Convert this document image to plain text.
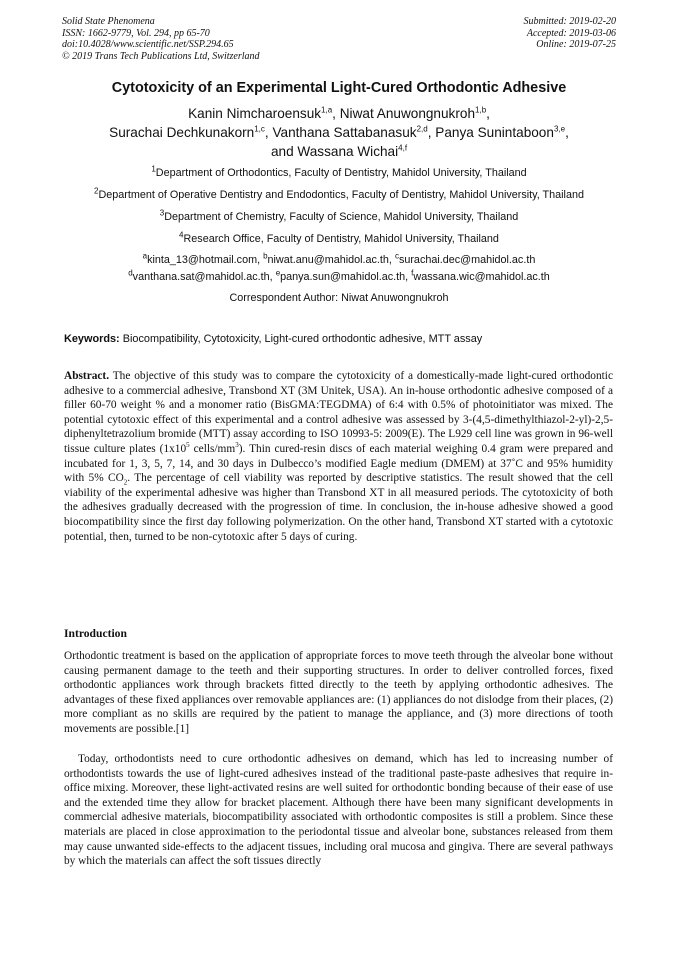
Solid State Phenomena
ISSN: 1662-9779, Vol. 294, pp 65-70
doi:10.4028/www.scientific.net/SSP.294.65
© 2019 Trans Tech Publications Ltd, Switzerland
Submitted: 2019-02-20
Accepted: 2019-03-06
Online: 2019-07-25
Cytotoxicity of an Experimental Light-Cured Orthodontic Adhesive
Kanin Nimcharoensuk$^{1,a}$, Niwat Anuwongnukroh$^{1,b}$,
Surachai Dechkunakorn$^{1,c}$, Vanthana Sattabanasuk$^{2,d}$, Panya Sunintaboon$^{3,e}$,
and Wassana Wichai$^{4,f}$
$^1$Department of Orthodontics, Faculty of Dentistry, Mahidol University, Thailand
$^2$Department of Operative Dentistry and Endodontics, Faculty of Dentistry, Mahidol University, Thailand
$^3$Department of Chemistry, Faculty of Science, Mahidol University, Thailand
$^4$Research Office, Faculty of Dentistry, Mahidol University, Thailand
$^a$kinta_13@hotmail.com, $^b$niwat.anu@mahidol.ac.th, $^c$surachai.dec@mahidol.ac.th
$^d$vanthana.sat@mahidol.ac.th, $^e$panya.sun@mahidol.ac.th, $^f$wassana.wic@mahidol.ac.th
Correspondent Author: Niwat Anuwongnukroh
Keywords: Biocompatibility, Cytotoxicity, Light-cured orthodontic adhesive, MTT assay
Abstract. The objective of this study was to compare the cytotoxicity of a domestically-made light-cured orthodontic adhesive to a commercial adhesive, Transbond XT (3M Unitek, USA). An in-house orthodontic adhesive composed of a filler 60-70 weight % and a monomer ratio (BisGMA:TEGDMA) of 6:4 with 0.5% of photoinitiator was mixed. The potential cytotoxic effect of this experimental and a control adhesive was assessed by 3-(4,5-dimethylthiazol-2-yl)-2,5-diphenyltetrazolium bromide (MTT) assay according to ISO 10993-5: 2009(E). The L929 cell line was grown in 96-well tissue culture plates ($1x10^5$ cells/$mm^3$). Thin cured-resin discs of each material weighing 0.4 gram were prepared and incubated for 1, 3, 5, 7, 14, and 30 days in Dulbecco’s modified Eagle medium (DMEM) at 37˚C and 95% humidity with 5% $CO_2$. The percentage of cell viability was reported by descriptive statistics. The result showed that the cell viability of the experimental adhesive was higher than Transbond XT in all measured periods. The cytotoxicity of both the adhesives gradually decreased with the progression of time. In conclusion, the in-house adhesive showed a good biocompatibility since the first day following polymerization. On the other hand, Transbond XT started with a cytotoxic potential, then, turned to be non-cytotoxic after 5 days of curing.
Introduction
Orthodontic treatment is based on the application of appropriate forces to move teeth through the alveolar bone without causing permanent damage to the teeth and their supporting structures. In order to deliver controlled forces, fixed orthodontic appliances work through brackets fitted directly to the teeth by applying orthodontic adhesives. The advantages of these fixed appliances over removable appliances are: (1) appliances do not dislodge from their places, (2) more compliant as no skills are required by the patient to manage the appliance, and (3) more directions of tooth movements are possible.[1]
Today, orthodontists need to cure orthodontic adhesives on demand, which has led to increasing number of orthodontists towards the use of light-cured adhesives instead of the traditional paste-paste adhesives that require in-office mixing. Moreover, these light-activated resins are well suited for orthodontic bonding because of their ease of use and the extended time they allow for bracket placement. Although there have been many significant developments in commercial adhesive materials, biocompatibility associated with orthodontic composites is still a problem. Since these materials are placed in close approximation to the periodontal tissue and alveolar bone, substances released from them may cause unwanted side-effects to the adjacent tissues, including oral mucosa and gingiva. There are several pathways by which the materials can affect the soft tissues directly
